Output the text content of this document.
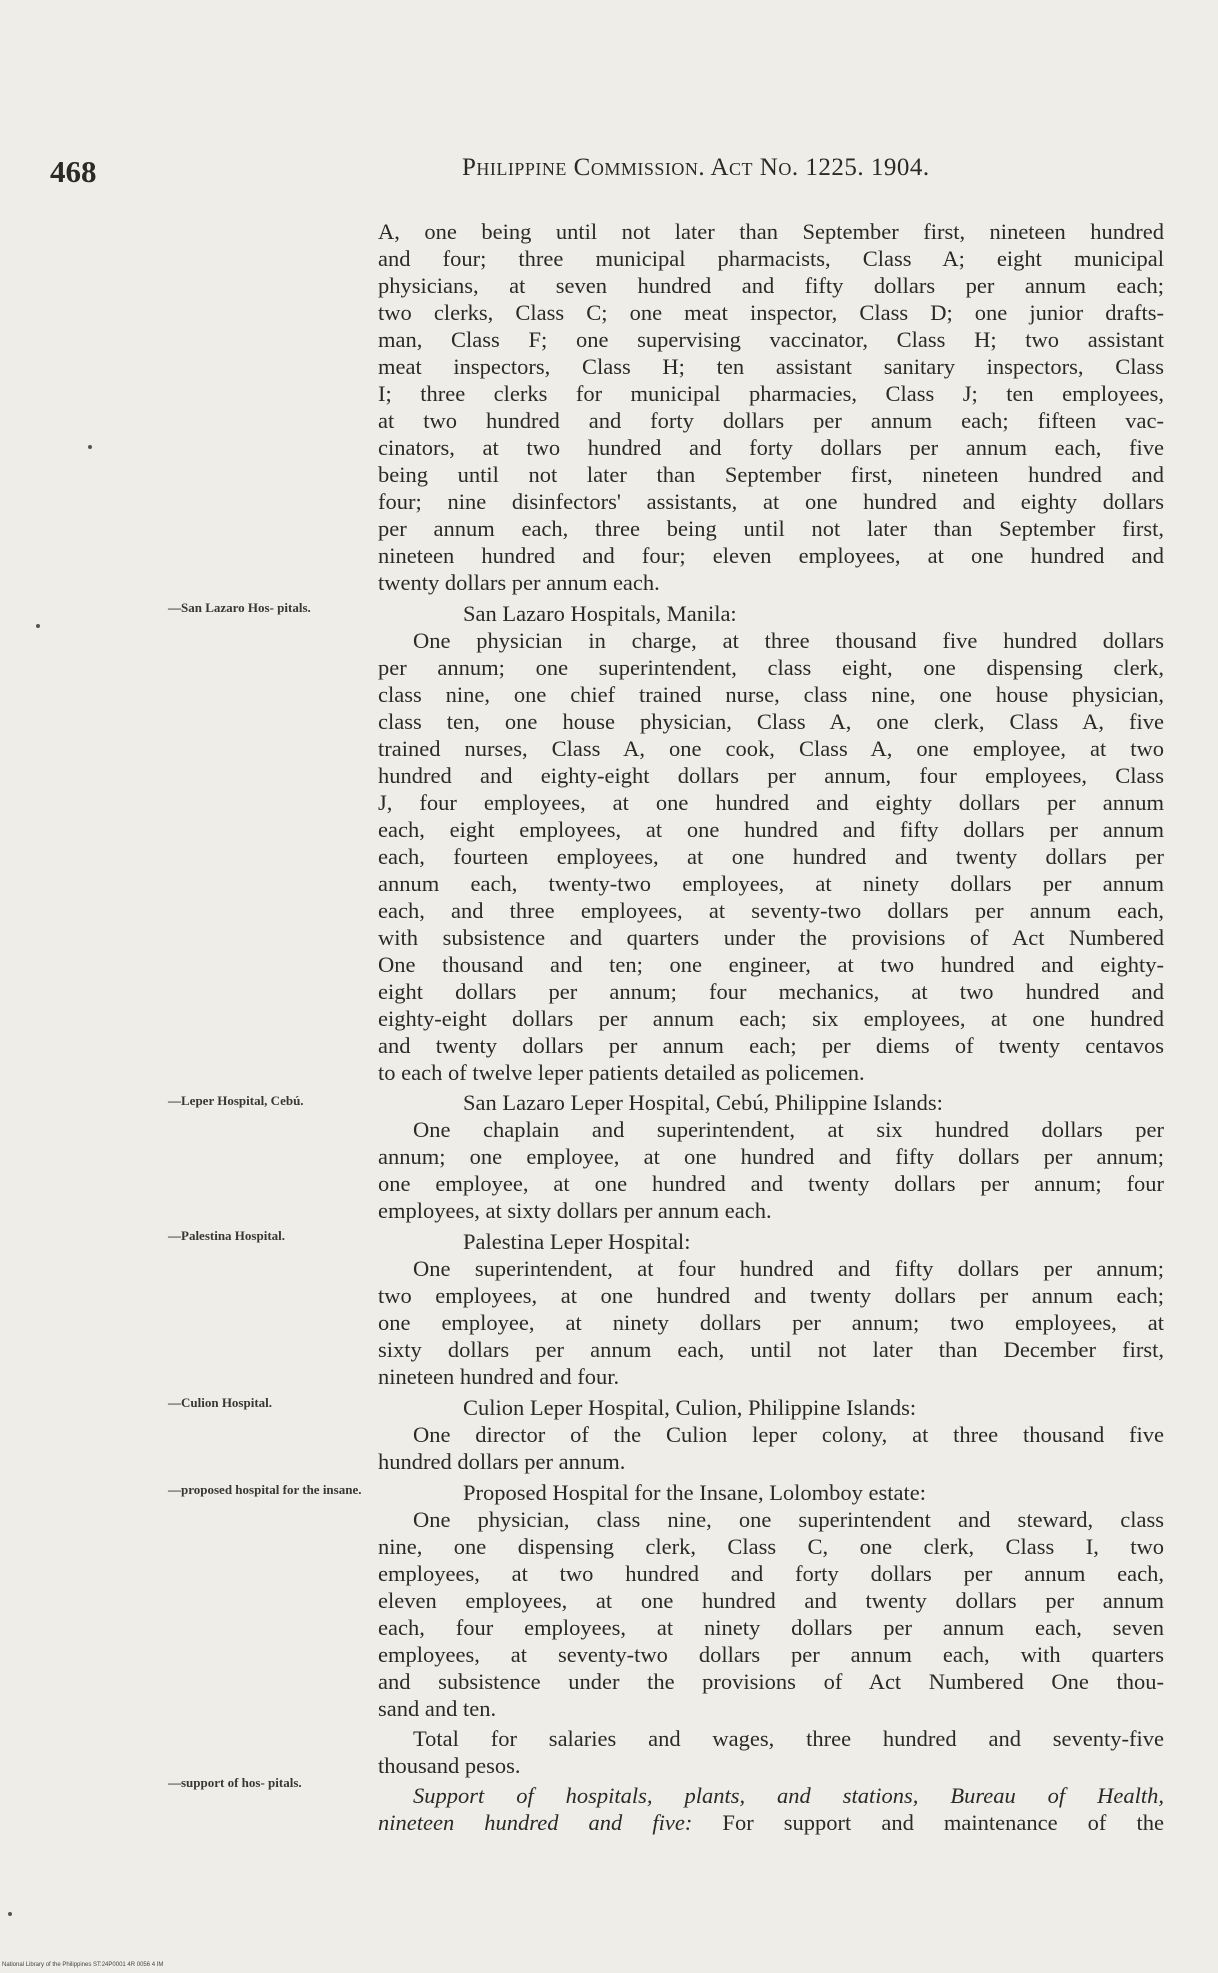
468	Philippine Commission. Act No. 1225. 1904.
—San Lazaro Hos- pitals.
—Leper Hospital, Cebú.
—Palestina Hospital.
—Culion Hospital.
—proposed hospital for the insane.
—support of hos- pitals.
A, one being until not later than September first, nineteen hundred
and four; three municipal pharmacists, Class A; eight municipal
physicians, at seven hundred and fifty dollars per annum each;
two clerks, Class C; one meat inspector, Class D; one junior drafts-
man, Class F; one supervising vaccinator, Class H; two assistant
meat inspectors, Class H; ten assistant sanitary inspectors, Class
I; three clerks for municipal pharmacies, Class J; ten employees,
at two hundred and forty dollars per annum each; fifteen vac-
cinators, at two hundred and forty dollars per annum each, five
being until not later than September first, nineteen hundred and
four; nine disinfectors' assistants, at one hundred and eighty dollars
per annum each, three being until not later than September first,
nineteen hundred and four; eleven employees, at one hundred and
twenty dollars per annum each.
San Lazaro Hospitals, Manila:
One physician in charge, at three thousand five hundred dollars
per annum; one superintendent, class eight, one dispensing clerk,
class nine, one chief trained nurse, class nine, one house physician,
class ten, one house physician, Class A, one clerk, Class A, five
trained nurses, Class A, one cook, Class A, one employee, at two
hundred and eighty-eight dollars per annum, four employees, Class
J, four employees, at one hundred and eighty dollars per annum
each, eight employees, at one hundred and fifty dollars per annum
each, fourteen employees, at one hundred and twenty dollars per
annum each, twenty-two employees, at ninety dollars per annum
each, and three employees, at seventy-two dollars per annum each,
with subsistence and quarters under the provisions of Act Numbered
One thousand and ten; one engineer, at two hundred and eighty-
eight dollars per annum; four mechanics, at two hundred and
eighty-eight dollars per annum each; six employees, at one hundred
and twenty dollars per annum each; per diems of twenty centavos
to each of twelve leper patients detailed as policemen.
San Lazaro Leper Hospital, Cebú, Philippine Islands:
One chaplain and superintendent, at six hundred dollars per
annum; one employee, at one hundred and fifty dollars per annum;
one employee, at one hundred and twenty dollars per annum; four
employees, at sixty dollars per annum each.
Palestina Leper Hospital:
One superintendent, at four hundred and fifty dollars per annum;
two employees, at one hundred and twenty dollars per annum each;
one employee, at ninety dollars per annum; two employees, at
sixty dollars per annum each, until not later than December first,
nineteen hundred and four.
Culion Leper Hospital, Culion, Philippine Islands:
One director of the Culion leper colony, at three thousand five
hundred dollars per annum.
Proposed Hospital for the Insane, Lolomboy estate:
One physician, class nine, one superintendent and steward, class
nine, one dispensing clerk, Class C, one clerk, Class I, two
employees, at two hundred and forty dollars per annum each,
eleven employees, at one hundred and twenty dollars per annum
each, four employees, at ninety dollars per annum each, seven
employees, at seventy-two dollars per annum each, with quarters
and subsistence under the provisions of Act Numbered One thou-
sand and ten.
Total for salaries and wages, three hundred and seventy-five
thousand pesos.
Support of hospitals, plants, and stations, Bureau of Health,
nineteen hundred and five: For support and maintenance of the
National Library of the Philippines ST:24P0001 4R 0056 4 IM
